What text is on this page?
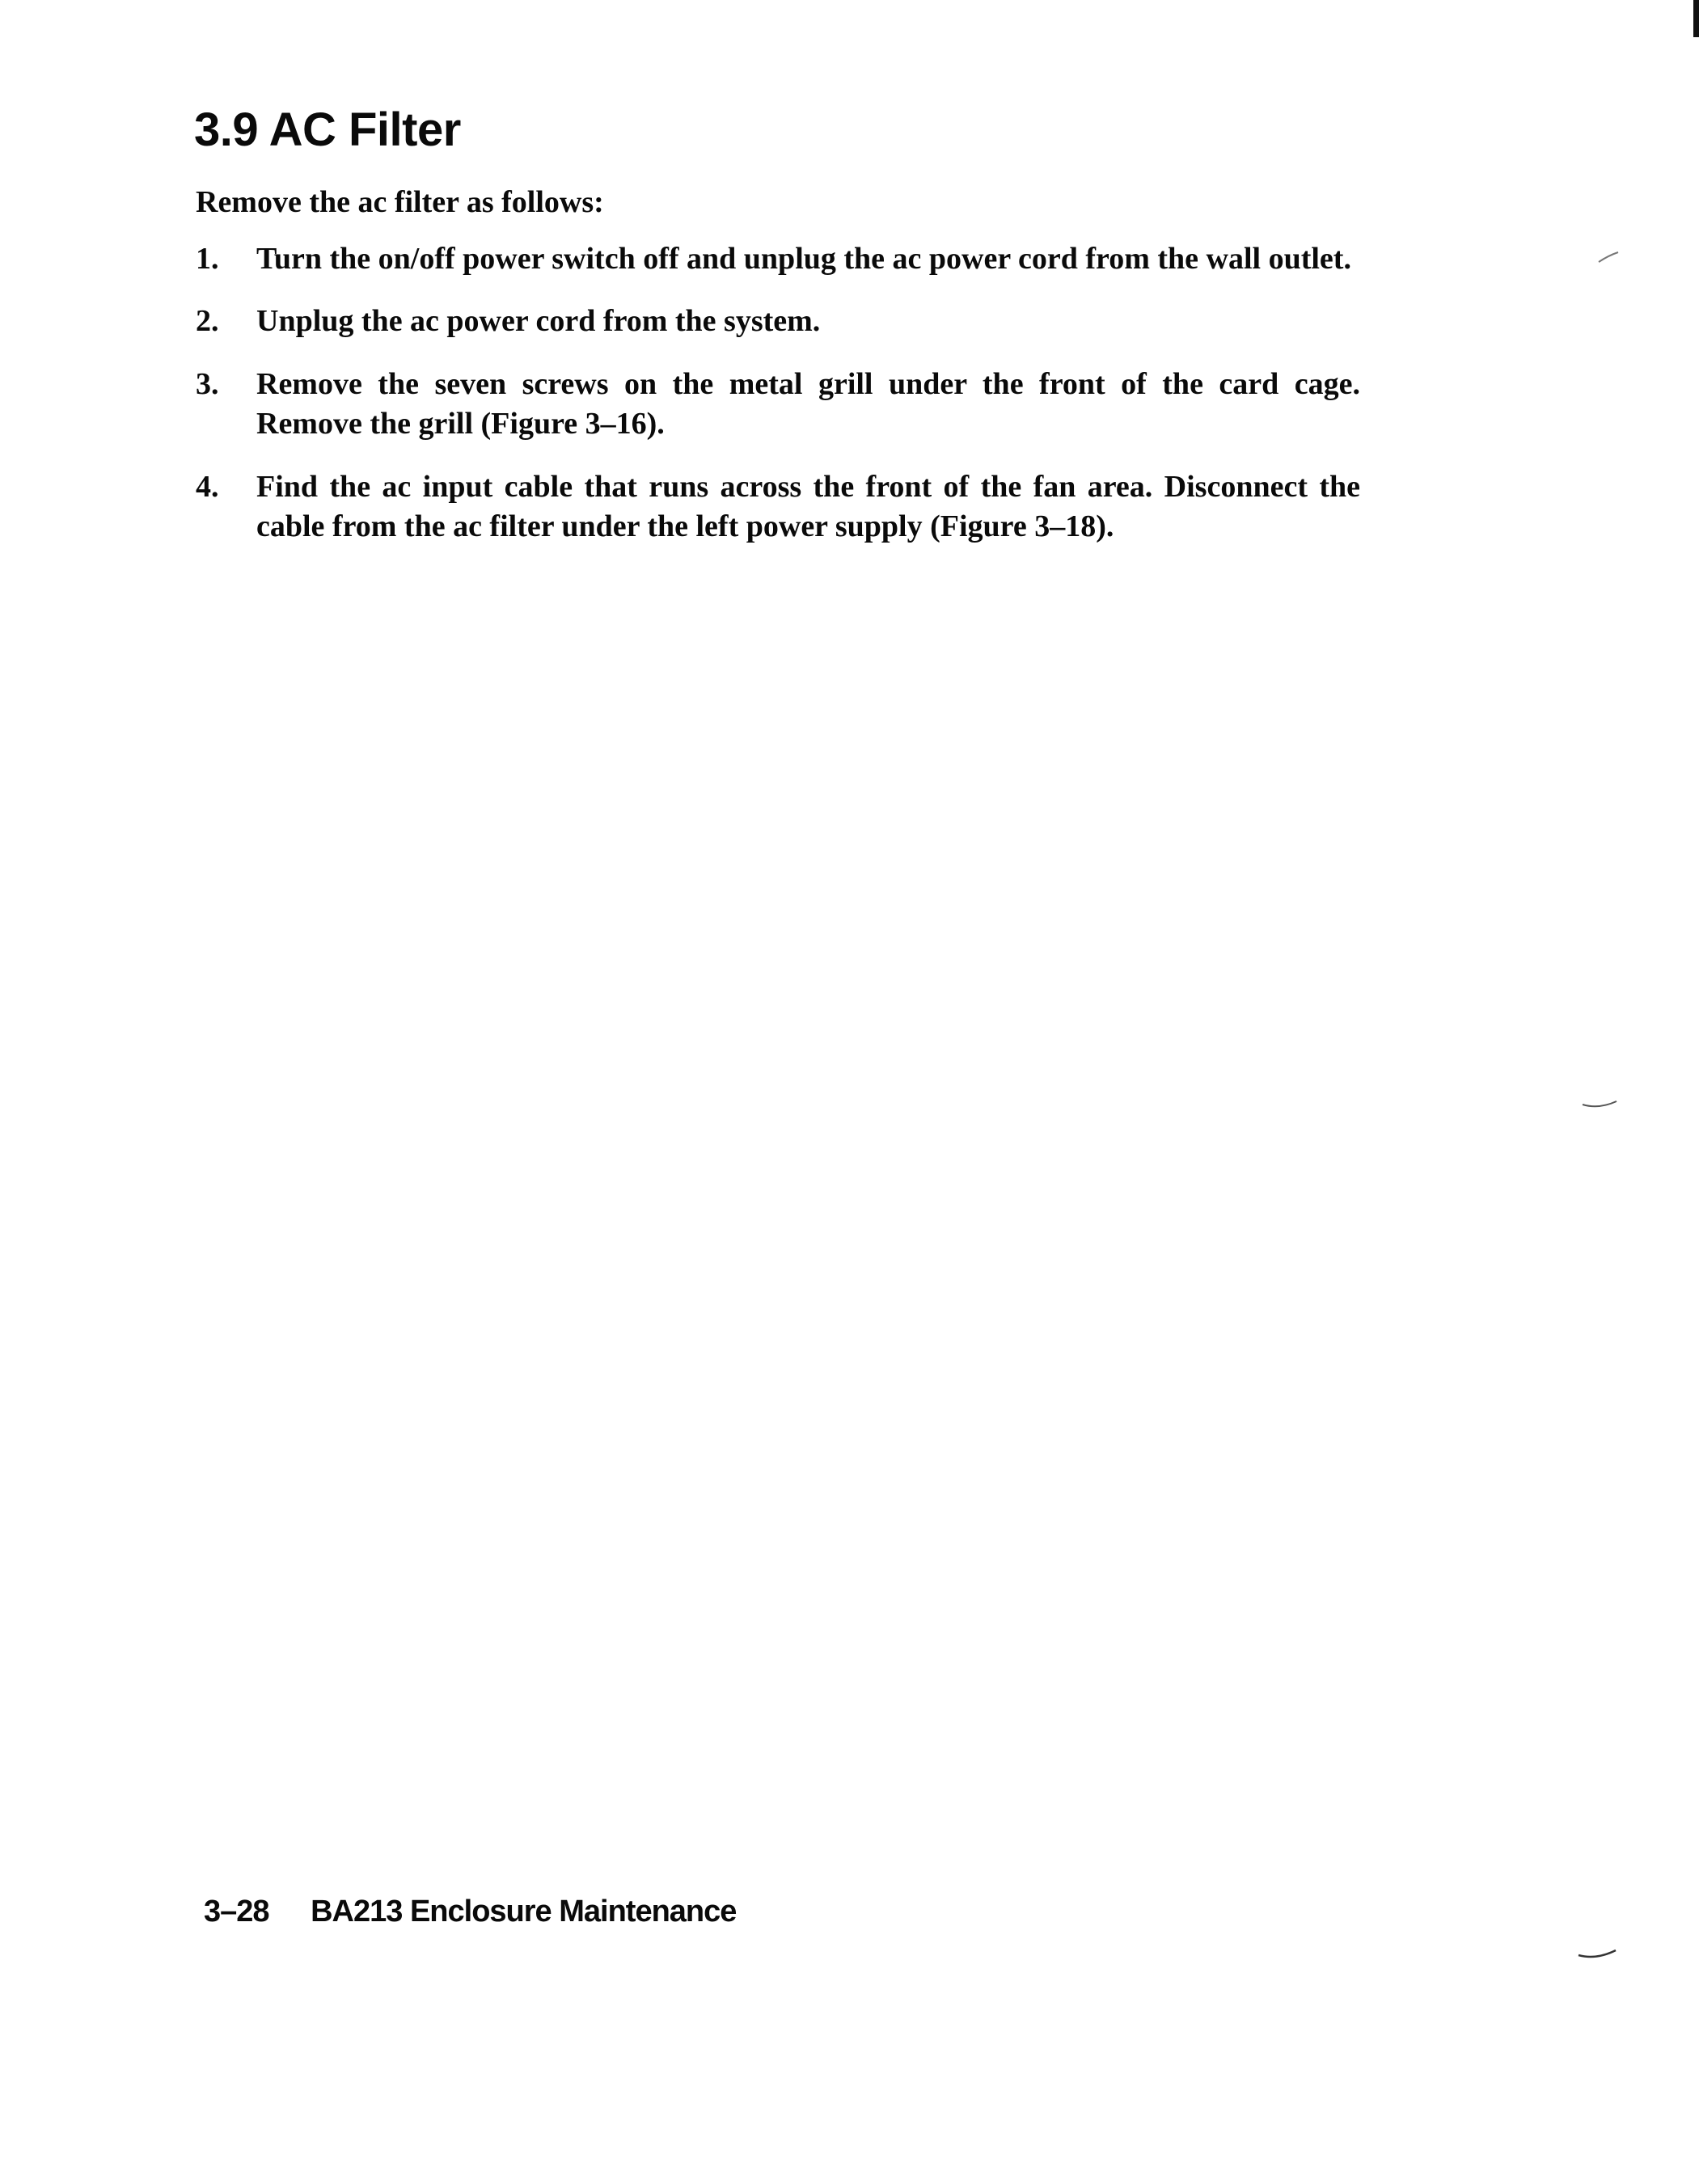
3.9 AC Filter

Remove the ac filter as follows:

1.	Turn the on/off power switch off and unplug the ac power cord from the wall outlet.
2.	Unplug the ac power cord from the system.
3.	Remove the seven screws on the metal grill under the front of the card cage. Remove the grill (Figure 3–16).
4.	Find the ac input cable that runs across the front of the fan area. Disconnect the cable from the ac filter under the left power supply (Figure 3–18).
3–28 BA213 Enclosure Maintenance
